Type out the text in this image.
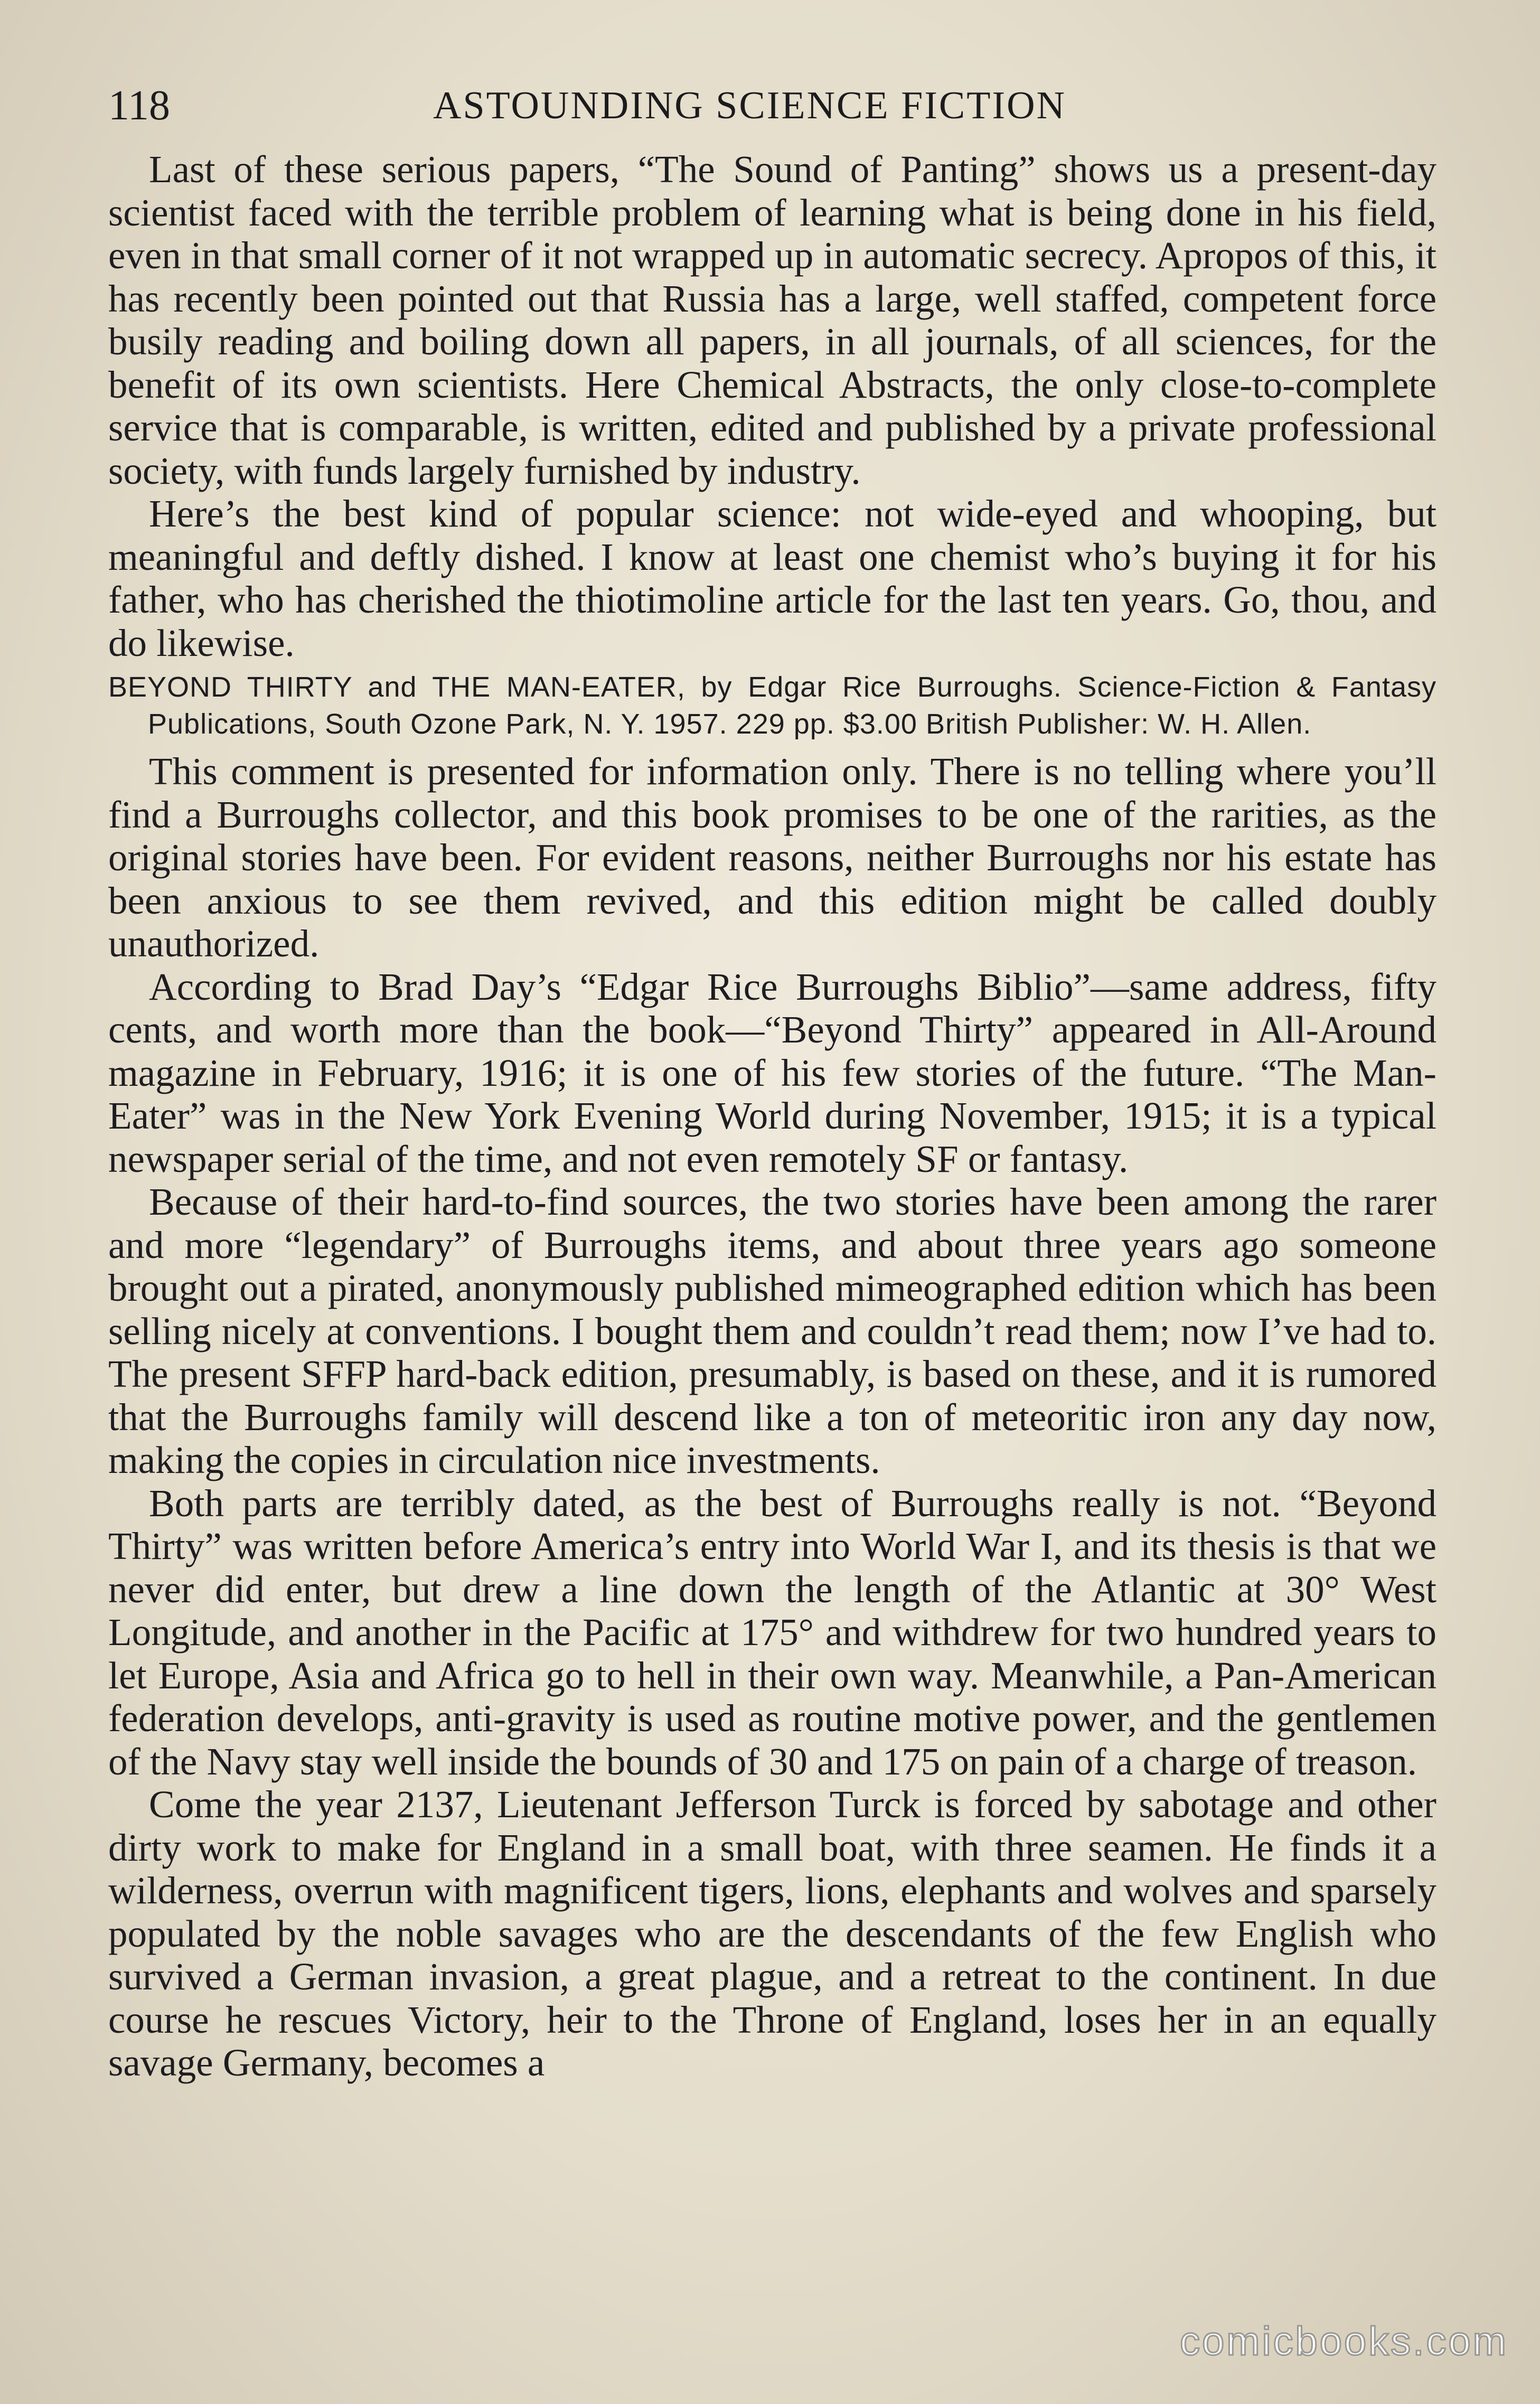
118	ASTOUNDING SCIENCE FICTION

Last of these serious papers, “The Sound of Panting” shows us a present-day scientist faced with the terrible problem of learning what is being done in his field, even in that small corner of it not wrapped up in automatic secrecy. Apropos of this, it has recently been pointed out that Russia has a large, well staffed, competent force busily reading and boiling down all papers, in all journals, of all sciences, for the benefit of its own scientists. Here Chemical Abstracts, the only close-to-complete service that is comparable, is written, edited and published by a private professional society, with funds largely furnished by industry.

Here’s the best kind of popular science: not wide-eyed and whooping, but meaningful and deftly dished. I know at least one chemist who’s buying it for his father, who has cherished the thiotimoline article for the last ten years. Go, thou, and do likewise.

BEYOND THIRTY and THE MAN-EATER, by Edgar Rice Burroughs. Science-Fiction & Fantasy Publications, South Ozone Park, N. Y. 1957. 229 pp. $3.00 British Publisher: W. H. Allen.

This comment is presented for information only. There is no telling where you’ll find a Burroughs collector, and this book promises to be one of the rarities, as the original stories have been. For evident reasons, neither Burroughs nor his estate has been anxious to see them revived, and this edition might be called doubly unauthorized.

According to Brad Day’s “Edgar Rice Burroughs Biblio”—same address, fifty cents, and worth more than the book—“Beyond Thirty” appeared in All-Around magazine in February, 1916; it is one of his few stories of the future. “The Man-Eater” was in the New York Evening World during November, 1915; it is a typical newspaper serial of the time, and not even remotely SF or fantasy.

Because of their hard-to-find sources, the two stories have been among the rarer and more “legendary” of Burroughs items, and about three years ago someone brought out a pirated, anonymously published mimeographed edition which has been selling nicely at conventions. I bought them and couldn’t read them; now I’ve had to. The present SFFP hard-back edition, presumably, is based on these, and it is rumored that the Burroughs family will descend like a ton of meteoritic iron any day now, making the copies in circulation nice investments.

Both parts are terribly dated, as the best of Burroughs really is not. “Beyond Thirty” was written before America’s entry into World War I, and its thesis is that we never did enter, but drew a line down the length of the Atlantic at 30° West Longitude, and another in the Pacific at 175° and withdrew for two hundred years to let Europe, Asia and Africa go to hell in their own way. Meanwhile, a Pan-American federation develops, anti-gravity is used as routine motive power, and the gentlemen of the Navy stay well inside the bounds of 30 and 175 on pain of a charge of treason.

Come the year 2137, Lieutenant Jefferson Turck is forced by sabotage and other dirty work to make for England in a small boat, with three seamen. He finds it a wilderness, overrun with magnificent tigers, lions, elephants and wolves and sparsely populated by the noble savages who are the descendants of the few English who survived a German invasion, a great plague, and a retreat to the continent. In due course he rescues Victory, heir to the Throne of England, loses her in an equally savage Germany, becomes a

comicbooks.com
